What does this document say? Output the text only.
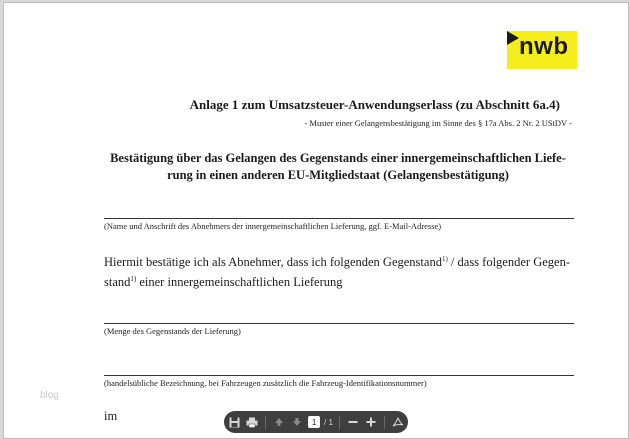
nwb
Anlage 1 zum Umsatzsteuer-Anwendungserlass (zu Abschnitt 6a.4)
- Muster einer Gelangensbestätigung im Sinne des § 17a Abs. 2 Nr. 2 UStDV -
Bestätigung über das Gelangen des Gegenstands einer innergemeinschaftlichen Liefe-
rung in einen anderen EU-Mitgliedstaat (Gelangensbestätigung)
(Name und Anschrift des Abnehmers der innergemeinschaftlichen Lieferung, ggf. E-Mail-Adresse)
Hiermit bestätige ich als Abnehmer, dass ich folgenden Gegenstand$^{1)}$ / dass folgender Gegen-
stand$^{1)}$ einer innergemeinschaftlichen Lieferung
(Menge des Gegenstands der Lieferung)
(handelsübliche Bezeichnung, bei Fahrzeugen zusätzlich die Fahrzeug-Identifikationsnummer)
im
blog
1 / 1
